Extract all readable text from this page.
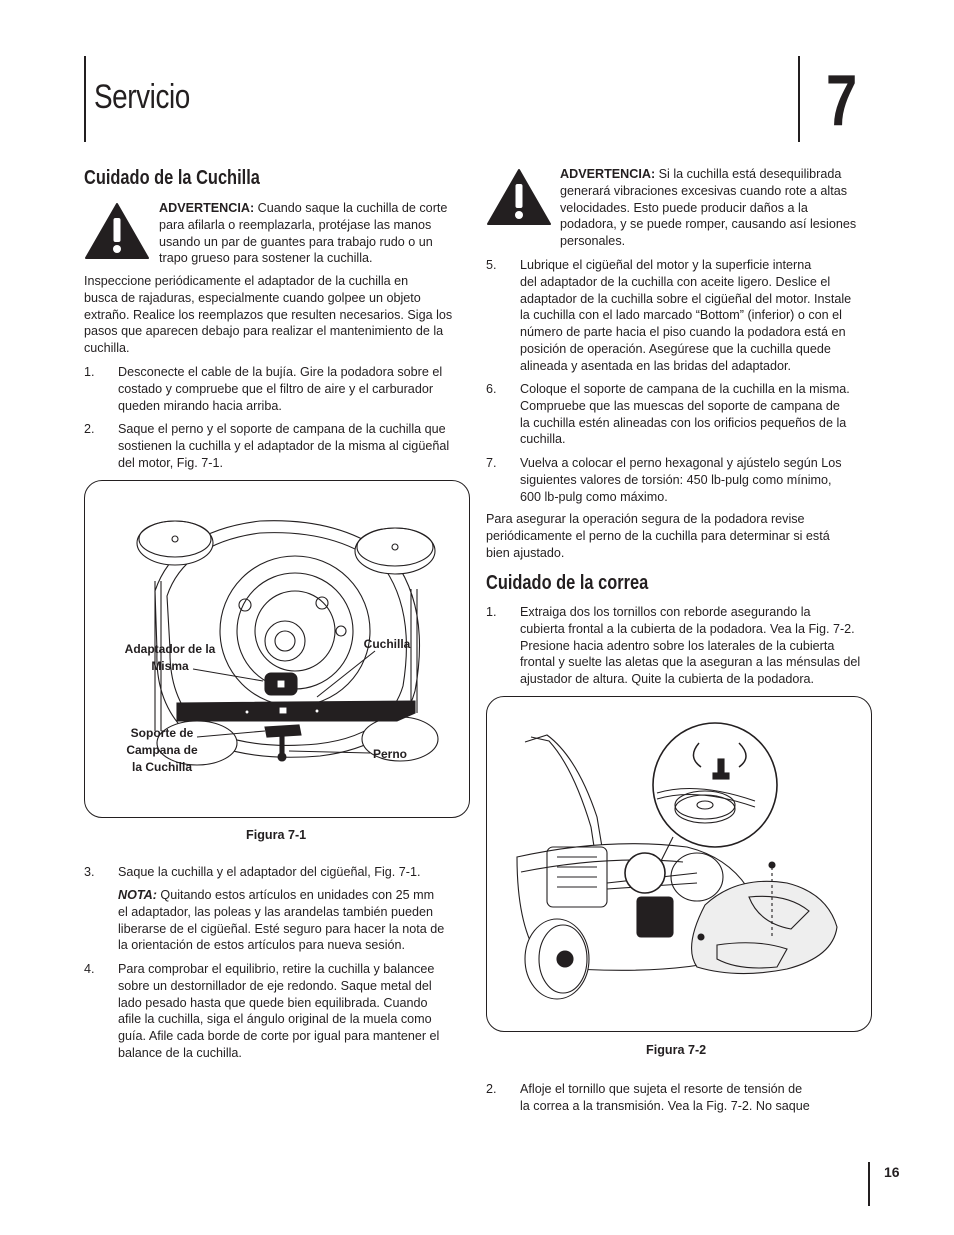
Servicio	7
Cuidado de la Cuchilla

ADVERTENCIA: Cuando saque la cuchilla de corte

para afilarla o reemplazarla, protéjase las manos

usando un par de guantes para trabajo rudo o un

trapo grueso para sostener la cuchilla.

Inspeccione periódicamente el adaptador de la cuchilla en

busca de rajaduras, especialmente cuando golpee un objeto

extraño. Realice los reemplazos que resulten necesarios. Siga los

pasos que aparecen debajo para realizar el mantenimiento de la

cuchilla.

1. Desconecte el cable de la bujía. Gire la podadora sobre el

costado y compruebe que el filtro de aire y el carburador

queden mirando hacia arriba.

2. Saque el perno y el soporte de campana de la cuchilla que

sostienen la cuchilla y el adaptador de la misma al cigüeñal

del motor, Fig. 7-1.

Adaptador de la
Misma
Cuchilla
Soporte de
Campana de
la Cuchilla
Perno
Figura 7-1
3. Saque la cuchilla y el adaptador del cigüeñal, Fig. 7-1.

NOTA: Quitando estos artículos en unidades con 25 mm

el adaptador, las poleas y las arandelas también pueden

liberarse de el cigüeñal. Esté seguro para hacer la nota de

la orientación de estos artículos para nueva sesión.

4. Para comprobar el equilibrio, retire la cuchilla y balancee

sobre un destornillador de eje redondo. Saque metal del

lado pesado hasta que quede bien equilibrada. Cuando

afile la cuchilla, siga el ángulo original de la muela como

guía. Afile cada borde de corte por igual para mantener el

balance de la cuchilla.

ADVERTENCIA: Si la cuchilla está desequilibrada

generará vibraciones excesivas cuando rote a altas

velocidades. Esto puede producir daños a la

podadora, y se puede romper, causando así lesiones

personales.

5. Lubrique el cigüeñal del motor y la superficie interna

del adaptador de la cuchilla con aceite ligero. Deslice el

adaptador de la cuchilla sobre el cigüeñal del motor. Instale

la cuchilla con el lado marcado “Bottom” (inferior) o con el

número de parte hacia el piso cuando la podadora está en

posición de operación. Asegúrese que la cuchilla quede

alineada y asentada en las bridas del adaptador.

6. Coloque el soporte de campana de la cuchilla en la misma.

Compruebe que las muescas del soporte de campana de

la cuchilla estén alineadas con los orificios pequeños de la

cuchilla.

7. Vuelva a colocar el perno hexagonal y ajústelo según Los

siguientes valores de torsión: 450 lb-pulg como mínimo,

600 lb-pulg como máximo.

Para asegurar la operación segura de la podadora revise

periódicamente el perno de la cuchilla para determinar si está

bien ajustado.

Cuidado de la correa
1. Extraiga dos los tornillos con reborde asegurando la

cubierta frontal a la cubierta de la podadora. Vea la Fig. 7-2.

Presione hacia adentro sobre los laterales de la cubierta

frontal y suelte las aletas que la aseguran a las ménsulas del

ajustador de altura. Quite la cubierta de la podadora.

Figura 7-2
2. Afloje el tornillo que sujeta el resorte de tensión de

la correa a la transmisión. Vea la Fig. 7-2. No saque

16
